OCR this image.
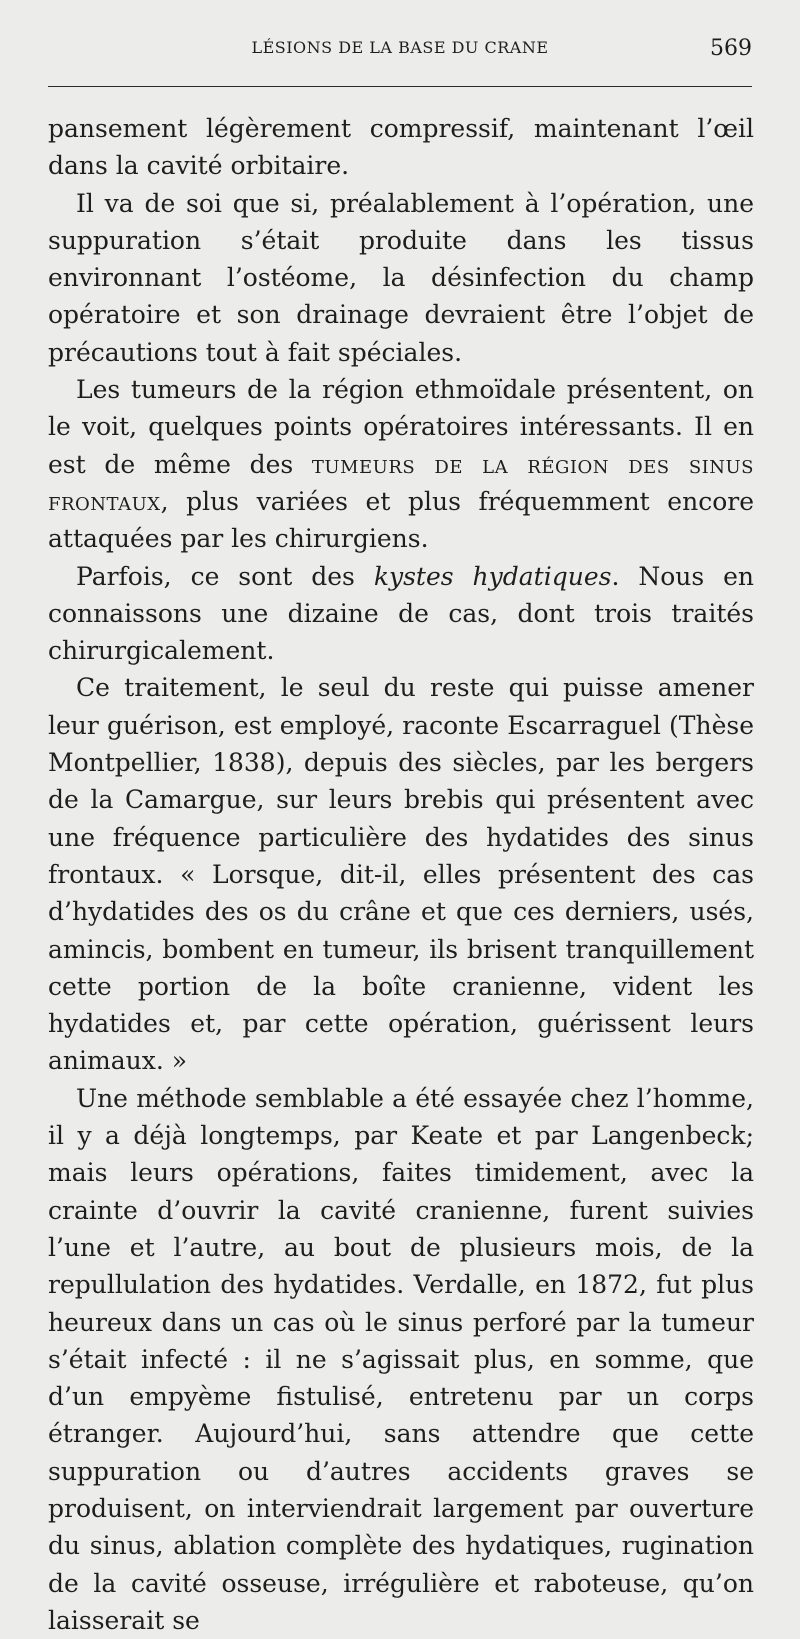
LÉSIONS DE LA BASE DU CRANE	569

pansement légèrement compressif, maintenant l’œil dans la cavité orbitaire.

Il va de soi que si, préalablement à l’opération, une suppuration s’était produite dans les tissus environnant l’ostéome, la désinfection du champ opératoire et son drainage devraient être l’objet de précautions tout à fait spéciales.

Les tumeurs de la région ethmoïdale présentent, on le voit, quelques points opératoires intéressants. Il en est de même des tumeurs de la région des sinus frontaux, plus variées et plus fréquemment encore attaquées par les chirurgiens.

Parfois, ce sont des kystes hydatiques. Nous en connaissons une dizaine de cas, dont trois traités chirurgicalement.

Ce traitement, le seul du reste qui puisse amener leur guérison, est employé, raconte Escarraguel (Thèse Montpellier, 1838), depuis des siècles, par les bergers de la Camargue, sur leurs brebis qui présentent avec une fréquence particulière des hydatides des sinus frontaux. « Lorsque, dit-il, elles présentent des cas d’hydatides des os du crâne et que ces derniers, usés, amincis, bombent en tumeur, ils brisent tranquillement cette portion de la boîte cranienne, vident les hydatides et, par cette opération, guérissent leurs animaux. »

Une méthode semblable a été essayée chez l’homme, il y a déjà longtemps, par Keate et par Langenbeck; mais leurs opérations, faites timidement, avec la crainte d’ouvrir la cavité cranienne, furent suivies l’une et l’autre, au bout de plusieurs mois, de la repullulation des hydatides. Verdalle, en 1872, fut plus heureux dans un cas où le sinus perforé par la tumeur s’était infecté : il ne s’agissait plus, en somme, que d’un empyème fistulisé, entretenu par un corps étranger. Aujourd’hui, sans attendre que cette suppuration ou d’autres accidents graves se produisent, on interviendrait largement par ouverture du sinus, ablation complète des hydatiques, rugination de la cavité osseuse, irrégulière et raboteuse, qu’on laisserait se
